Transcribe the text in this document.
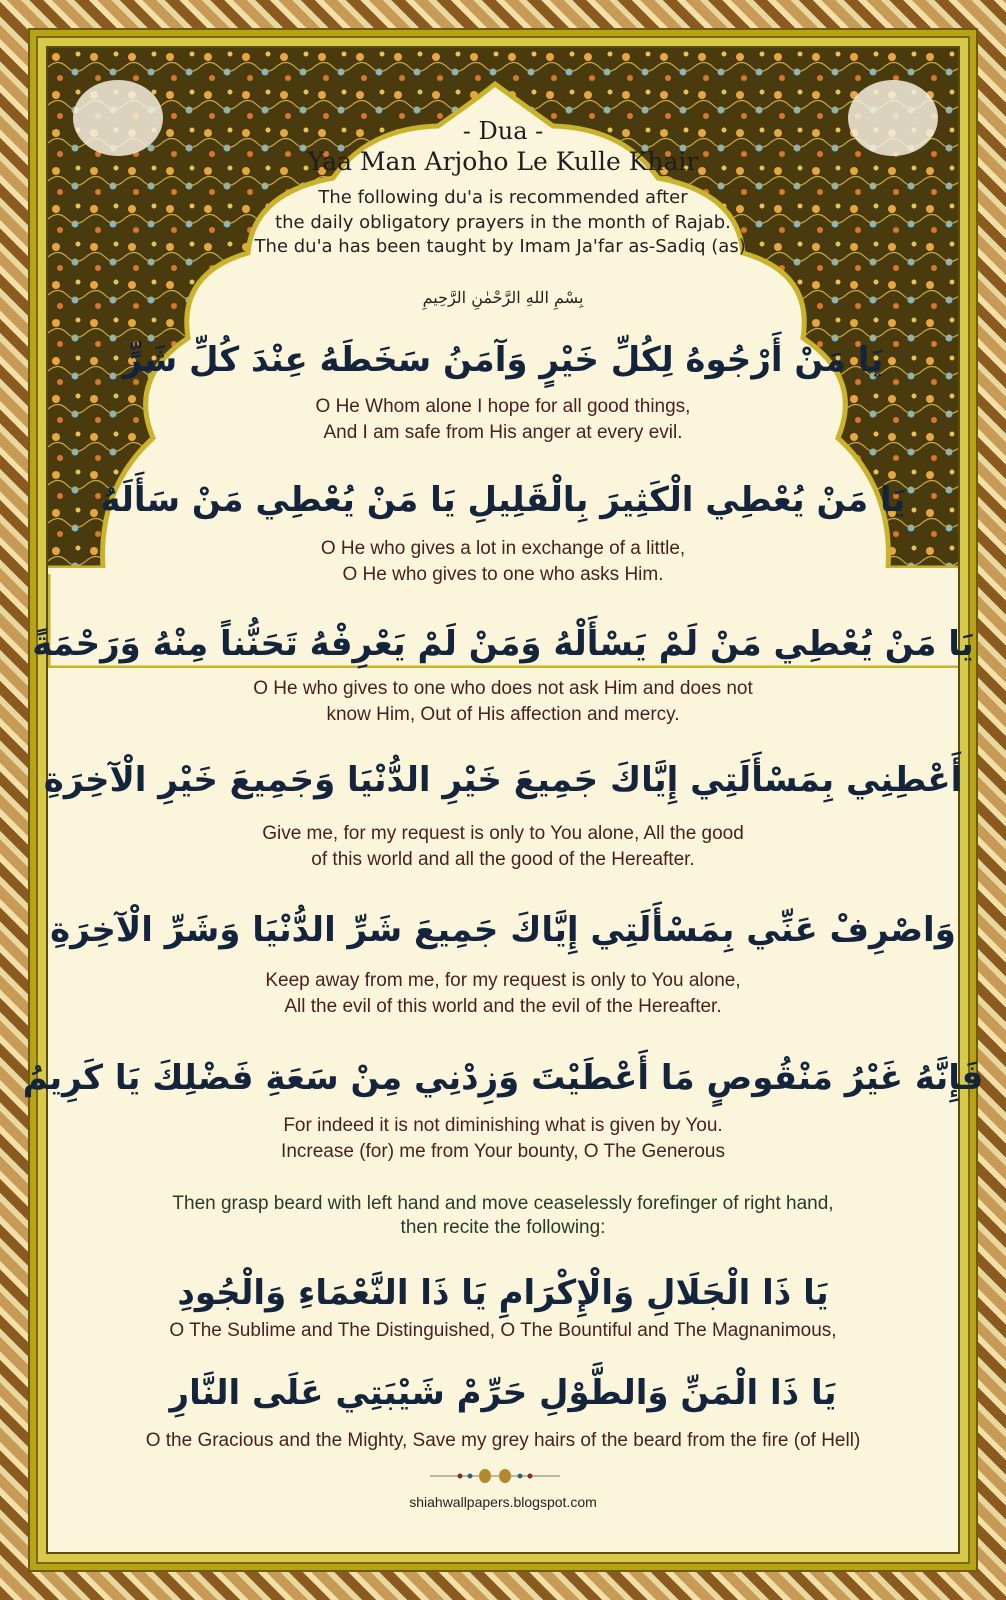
- Dua -
Yaa Man Arjoho Le Kulle Khair
The following du'a is recommended after
the daily obligatory prayers in the month of Rajab.
The du'a has been taught by Imam Ja'far as-Sadiq (as).
بِسْمِ اللهِ الرَّحْمٰنِ الرَّحِيمِ
يَا مَنْ أَرْجُوهُ لِكُلِّ خَيْرٍ وَآمَنُ سَخَطَهُ عِنْدَ كُلِّ شَرٍّ
O He Whom alone I hope for all good things,
And I am safe from His anger at every evil.
يَا مَنْ يُعْطِي الْكَثِيرَ بِالْقَلِيلِ يَا مَنْ يُعْطِي مَنْ سَأَلَهُ
O He who gives a lot in exchange of a little,
O He who gives to one who asks Him.
يَا مَنْ يُعْطِي مَنْ لَمْ يَسْأَلْهُ وَمَنْ لَمْ يَعْرِفْهُ تَحَنُّناً مِنْهُ وَرَحْمَةً
O He who gives to one who does not ask Him and does not
know Him, Out of His affection and mercy.
أَعْطِنِي بِمَسْأَلَتِي إِيَّاكَ جَمِيعَ خَيْرِ الدُّنْيَا وَجَمِيعَ خَيْرِ الْآخِرَةِ
Give me, for my request is only to You alone, All the good
of this world and all the good of the Hereafter.
وَاصْرِفْ عَنِّي بِمَسْأَلَتِي إِيَّاكَ جَمِيعَ شَرِّ الدُّنْيَا وَشَرِّ الْآخِرَةِ
Keep away from me, for my request is only to You alone,
All the evil of this world and the evil of the Hereafter.
فَإِنَّهُ غَيْرُ مَنْقُوصٍ مَا أَعْطَيْتَ وَزِدْنِي مِنْ سَعَةِ فَضْلِكَ يَا كَرِيمُ
For indeed it is not diminishing what is given by You.
Increase (for) me from Your bounty, O The Generous
Then grasp beard with left hand and move ceaselessly forefinger of right hand,
then recite the following:
يَا ذَا الْجَلَالِ وَالْإِكْرَامِ يَا ذَا النَّعْمَاءِ وَالْجُودِ
O The Sublime and The Distinguished, O The Bountiful and The Magnanimous,
يَا ذَا الْمَنِّ وَالطَّوْلِ حَرِّمْ شَيْبَتِي عَلَى النَّارِ
O the Gracious and the Mighty, Save my grey hairs of the beard from the fire (of Hell)
shiahwallpapers.blogspot.com
